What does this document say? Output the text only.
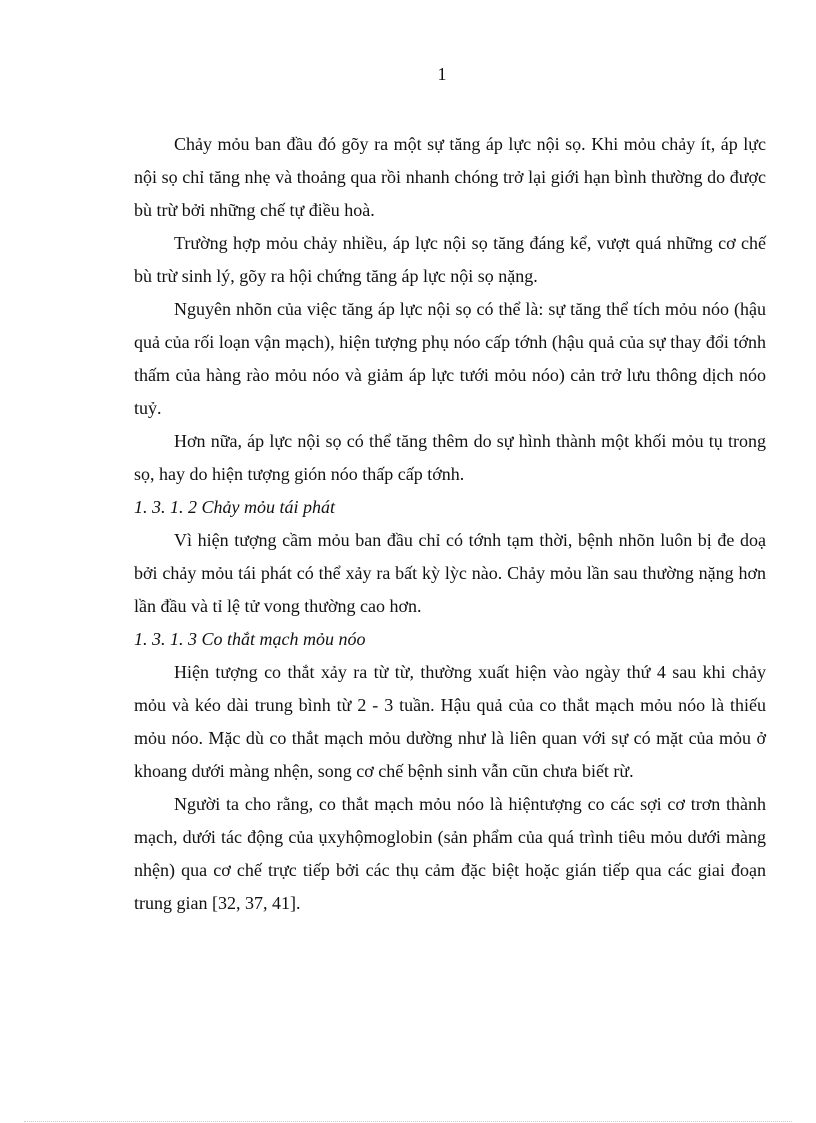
1

Chảy mỏu ban đầu đó gõy ra một sự tăng áp lực nội sọ. Khi mỏu chảy ít, áp lực nội sọ chỉ tăng nhẹ và thoảng qua rồi nhanh chóng trở lại giới hạn bình thường do được bù trừ bởi những chế tự điều hoà.

Trường hợp mỏu chảy nhiều, áp lực nội sọ tăng đáng kể, vượt quá những cơ chế bù trừ sinh lý, gõy ra hội chứng tăng áp lực nội sọ nặng.

Nguyên nhõn của việc tăng áp lực nội sọ có thể là: sự tăng thể tích mỏu nóo (hậu quả của rối loạn vận mạch), hiện tượng phụ nóo cấp tớnh (hậu quả của sự thay đổi tớnh thấm của hàng rào mỏu nóo và giảm áp lực tưới mỏu nóo) cản trở lưu thông dịch nóo tuỷ.

Hơn nữa, áp lực nội sọ có thể tăng thêm do sự hình thành một khối mỏu tụ trong sọ, hay do hiện tượng gión nóo thấp cấp tớnh.

1. 3. 1. 2 Chảy mỏu tái phát

Vì hiện tượng cầm mỏu ban đầu chỉ có tớnh tạm thời, bệnh nhõn luôn bị đe doạ bởi chảy mỏu tái phát có thể xảy ra bất kỳ lỳc nào. Chảy mỏu lần sau thường nặng hơn lần đầu và tỉ lệ tử vong thường cao hơn.

1. 3. 1. 3 Co thắt mạch mỏu nóo

Hiện tượng co thắt xảy ra từ từ, thường xuất hiện vào ngày thứ 4 sau khi chảy mỏu và kéo dài trung bình từ 2 - 3 tuần. Hậu quả của co thắt mạch mỏu nóo là thiếu mỏu nóo. Mặc dù co thắt mạch mỏu dường như là liên quan với sự có mặt của mỏu ở khoang dưới màng nhện, song cơ chế bệnh sinh vẫn cũn chưa biết rừ.

Người ta cho rằng, co thắt mạch mỏu nóo là hiệntượng co các sợi cơ trơn thành mạch, dưới tác động của ụxyhộmoglobin (sản phẩm của quá trình tiêu mỏu dưới màng nhện) qua cơ chế trực tiếp bởi các thụ cảm đặc biệt hoặc gián tiếp qua các giai đoạn trung gian [32, 37, 41].
